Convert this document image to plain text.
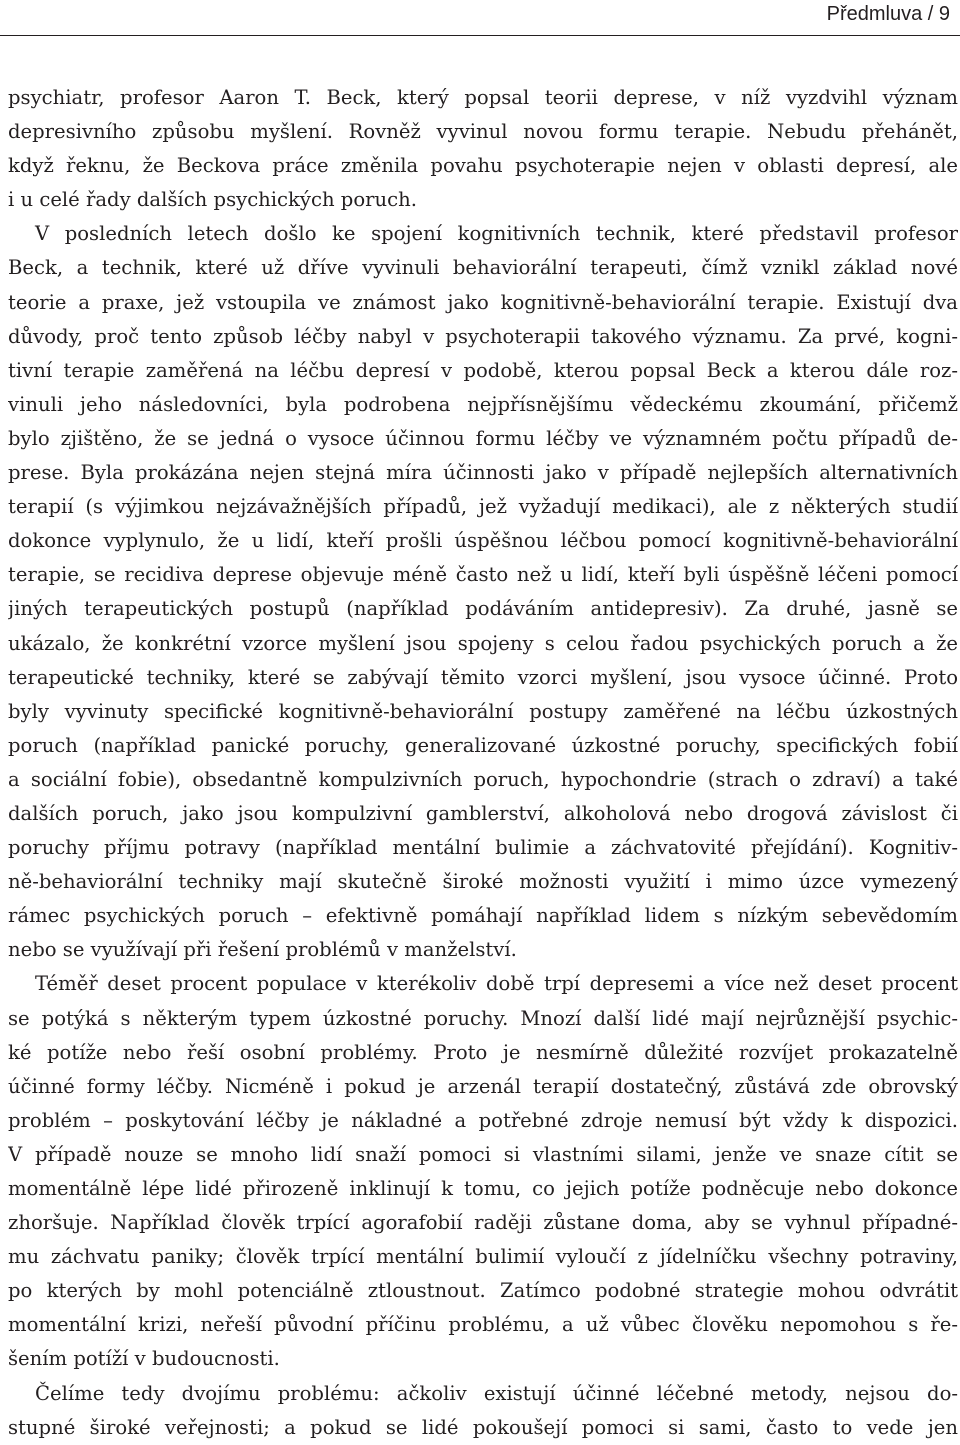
Předmluva / 9
psychiatr, profesor Aaron T. Beck, který popsal teorii deprese, v níž vyzdvihl význam
depresivního způsobu myšlení. Rovněž vyvinul novou formu terapie. Nebudu přehánět,
když řeknu, že Beckova práce změnila povahu psychoterapie nejen v oblasti depresí, ale
i u celé řady dalších psychických poruch.
V posledních letech došlo ke spojení kognitivních technik, které představil profesor
Beck, a technik, které už dříve vyvinuli behaviorální terapeuti, čímž vznikl základ nové
teorie a praxe, jež vstoupila ve známost jako kognitivně-behaviorální terapie. Existují dva
důvody, proč tento způsob léčby nabyl v psychoterapii takového významu. Za prvé, kogni-
tivní terapie zaměřená na léčbu depresí v podobě, kterou popsal Beck a kterou dále roz-
vinuli jeho následovníci, byla podrobena nejpřísnějšímu vědeckému zkoumání, přičemž
bylo zjištěno, že se jedná o vysoce účinnou formu léčby ve významném počtu případů de-
prese. Byla prokázána nejen stejná míra účinnosti jako v případě nejlepších alternativních
terapií (s výjimkou nejzávažnějších případů, jež vyžadují medikaci), ale z některých studií
dokonce vyplynulo, že u lidí, kteří prošli úspěšnou léčbou pomocí kognitivně-behaviorální
terapie, se recidiva deprese objevuje méně často než u lidí, kteří byli úspěšně léčeni pomocí
jiných terapeutických postupů (například podáváním antidepresiv). Za druhé, jasně se
ukázalo, že konkrétní vzorce myšlení jsou spojeny s celou řadou psychických poruch a že
terapeutické techniky, které se zabývají těmito vzorci myšlení, jsou vysoce účinné. Proto
byly vyvinuty specifické kognitivně-behaviorální postupy zaměřené na léčbu úzkostných
poruch (například panické poruchy, generalizované úzkostné poruchy, specifických fobií
a sociální fobie), obsedantně kompulzivních poruch, hypochondrie (strach o zdraví) a také
dalších poruch, jako jsou kompulzivní gamblerství, alkoholová nebo drogová závislost či
poruchy příjmu potravy (například mentální bulimie a záchvatovité přejídání). Kognitiv-
ně-behaviorální techniky mají skutečně široké možnosti využití i mimo úzce vymezený
rámec psychických poruch – efektivně pomáhají například lidem s nízkým sebevědomím
nebo se využívají při řešení problémů v manželství.
Téměř deset procent populace v kterékoliv době trpí depresemi a více než deset procent
se potýká s některým typem úzkostné poruchy. Mnozí další lidé mají nejrůznější psychic-
ké potíže nebo řeší osobní problémy. Proto je nesmírně důležité rozvíjet prokazatelně
účinné formy léčby. Nicméně i pokud je arzenál terapií dostatečný, zůstává zde obrovský
problém – poskytování léčby je nákladné a potřebné zdroje nemusí být vždy k dispozici.
V případě nouze se mnoho lidí snaží pomoci si vlastními silami, jenže ve snaze cítit se
momentálně lépe lidé přirozeně inklinují k tomu, co jejich potíže podněcuje nebo dokonce
zhoršuje. Například člověk trpící agorafobií raději zůstane doma, aby se vyhnul případné-
mu záchvatu paniky; člověk trpící mentální bulimií vyloučí z jídelníčku všechny potraviny,
po kterých by mohl potenciálně ztloustnout. Zatímco podobné strategie mohou odvrátit
momentální krizi, neřeší původní příčinu problému, a už vůbec člověku nepomohou s ře-
šením potíží v budoucnosti.
Čelíme tedy dvojímu problému: ačkoliv existují účinné léčebné metody, nejsou do-
stupné široké veřejnosti; a pokud se lidé pokoušejí pomoci si sami, často to vede jen
